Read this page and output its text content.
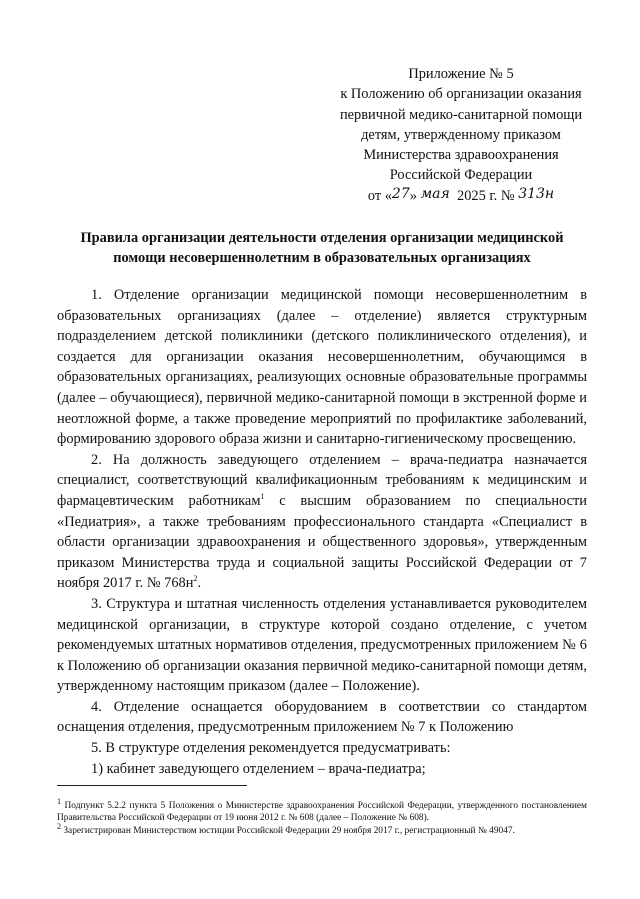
Приложение № 5
к Положению об организации оказания
первичной медико-санитарной помощи
детям, утвержденному приказом
Министерства здравоохранения
Российской Федерации
от «27» мая 2025 г. № 313н
Правила организации деятельности отделения организации медицинской помощи несовершеннолетним в образовательных организациях

1. Отделение организации медицинской помощи несовершеннолетним в образовательных организациях (далее – отделение) является структурным подразделением детской поликлиники (детского поликлинического отделения), и создается для организации оказания несовершеннолетним, обучающимся в образовательных организациях, реализующих основные образовательные программы (далее – обучающиеся), первичной медико-санитарной помощи в экстренной форме и неотложной форме, а также проведение мероприятий по профилактике заболеваний, формированию здорового образа жизни и санитарно-гигиеническому просвещению.

2. На должность заведующего отделением – врача-педиатра назначается специалист, соответствующий квалификационным требованиям к медицинским и фармацевтическим работникам$^1$ с высшим образованием по специальности «Педиатрия», а также требованиям профессионального стандарта «Специалист в области организации здравоохранения и общественного здоровья», утвержденным приказом Министерства труда и социальной защиты Российской Федерации от 7 ноября 2017 г. № $768н^2$.

3. Структура и штатная численность отделения устанавливается руководителем медицинской организации, в структуре которой создано отделение, с учетом рекомендуемых штатных нормативов отделения, предусмотренных приложением № 6 к Положению об организации оказания первичной медико-санитарной помощи детям, утвержденному настоящим приказом (далее – Положение).

4. Отделение оснащается оборудованием в соответствии со стандартом оснащения отделения, предусмотренным приложением № 7 к Положению

5. В структуре отделения рекомендуется предусматривать:

1) кабинет заведующего отделением – врача-педиатра;

$^1$ Подпункт 5.2.2 пункта 5 Положения о Министерстве здравоохранения Российской Федерации, утвержденного постановлением Правительства Российской Федерации от 19 июня 2012 г. № 608 (далее – Положение № 608).

$^2$ Зарегистрирован Министерством юстиции Российской Федерации 29 ноября 2017 г., регистрационный № 49047.
